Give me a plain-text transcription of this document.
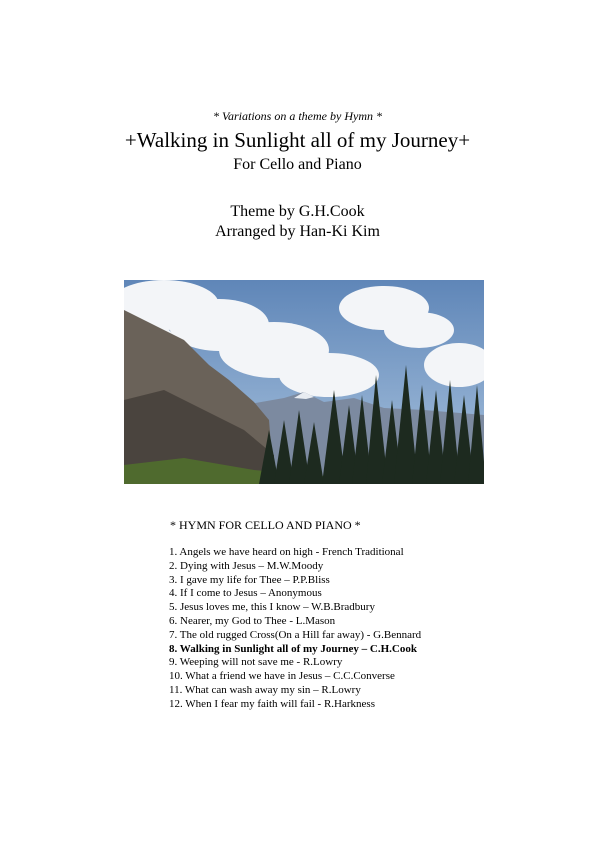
* Variations on a theme by Hymn *
+Walking in Sunlight all of my Journey+
For Cello and Piano
Theme by G.H.Cook
Arranged by Han-Ki Kim
* HYMN FOR CELLO AND PIANO *
1. Angels we have heard on high - French Traditional
2. Dying with Jesus – M.W.Moody
3. I gave my life for Thee – P.P.Bliss
4. If I come to Jesus – Anonymous
5. Jesus loves me, this I know – W.B.Bradbury
6. Nearer, my God to Thee - L.Mason
7. The old rugged Cross(On a Hill far away) - G.Bennard
8. Walking in Sunlight all of my Journey – C.H.Cook
9. Weeping will not save me - R.Lowry
10. What a friend we have in Jesus – C.C.Converse
11. What can wash away my sin – R.Lowry
12. When I fear my faith will fail - R.Harkness
